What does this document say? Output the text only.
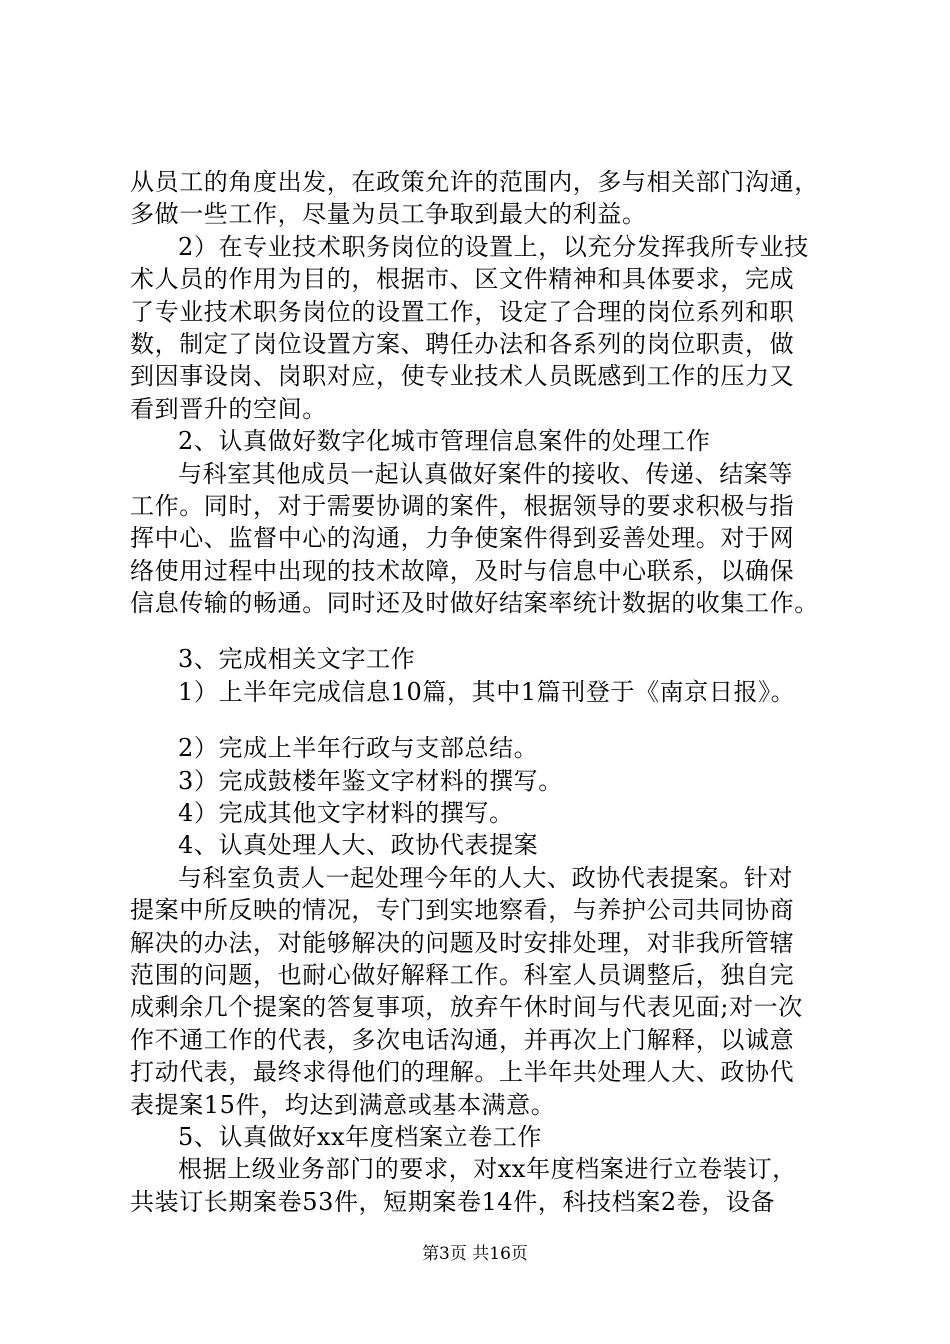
从员工的角度出发，在政策允许的范围内，多与相关部门沟通，
多做一些工作，尽量为员工争取到最大的利益。
2）在专业技术职务岗位的设置上，以充分发挥我所专业技
术人员的作用为目的，根据市、区文件精神和具体要求，完成
了专业技术职务岗位的设置工作，设定了合理的岗位系列和职
数，制定了岗位设置方案、聘任办法和各系列的岗位职责，做
到因事设岗、岗职对应，使专业技术人员既感到工作的压力又
看到晋升的空间。
2、认真做好数字化城市管理信息案件的处理工作
与科室其他成员一起认真做好案件的接收、传递、结案等
工作。同时，对于需要协调的案件，根据领导的要求积极与指
挥中心、监督中心的沟通，力争使案件得到妥善处理。对于网
络使用过程中出现的技术故障，及时与信息中心联系，以确保
信息传输的畅通。同时还及时做好结案率统计数据的收集工作。
3、完成相关文字工作
1）上半年完成信息10篇，其中1篇刊登于《南京日报》。
2）完成上半年行政与支部总结。
3）完成鼓楼年鉴文字材料的撰写。
4）完成其他文字材料的撰写。
4、认真处理人大、政协代表提案
与科室负责人一起处理今年的人大、政协代表提案。针对
提案中所反映的情况，专门到实地察看，与养护公司共同协商
解决的办法，对能够解决的问题及时安排处理，对非我所管辖
范围的问题，也耐心做好解释工作。科室人员调整后，独自完
成剩余几个提案的答复事项，放弃午休时间与代表见面;对一次
作不通工作的代表，多次电话沟通，并再次上门解释，以诚意
打动代表，最终求得他们的理解。上半年共处理人大、政协代
表提案15件，均达到满意或基本满意。
5、认真做好xx年度档案立卷工作
根据上级业务部门的要求，对xx年度档案进行立卷装订，
共装订长期案卷53件，短期案卷14件，科技档案2卷，设备
第3页 共16页
